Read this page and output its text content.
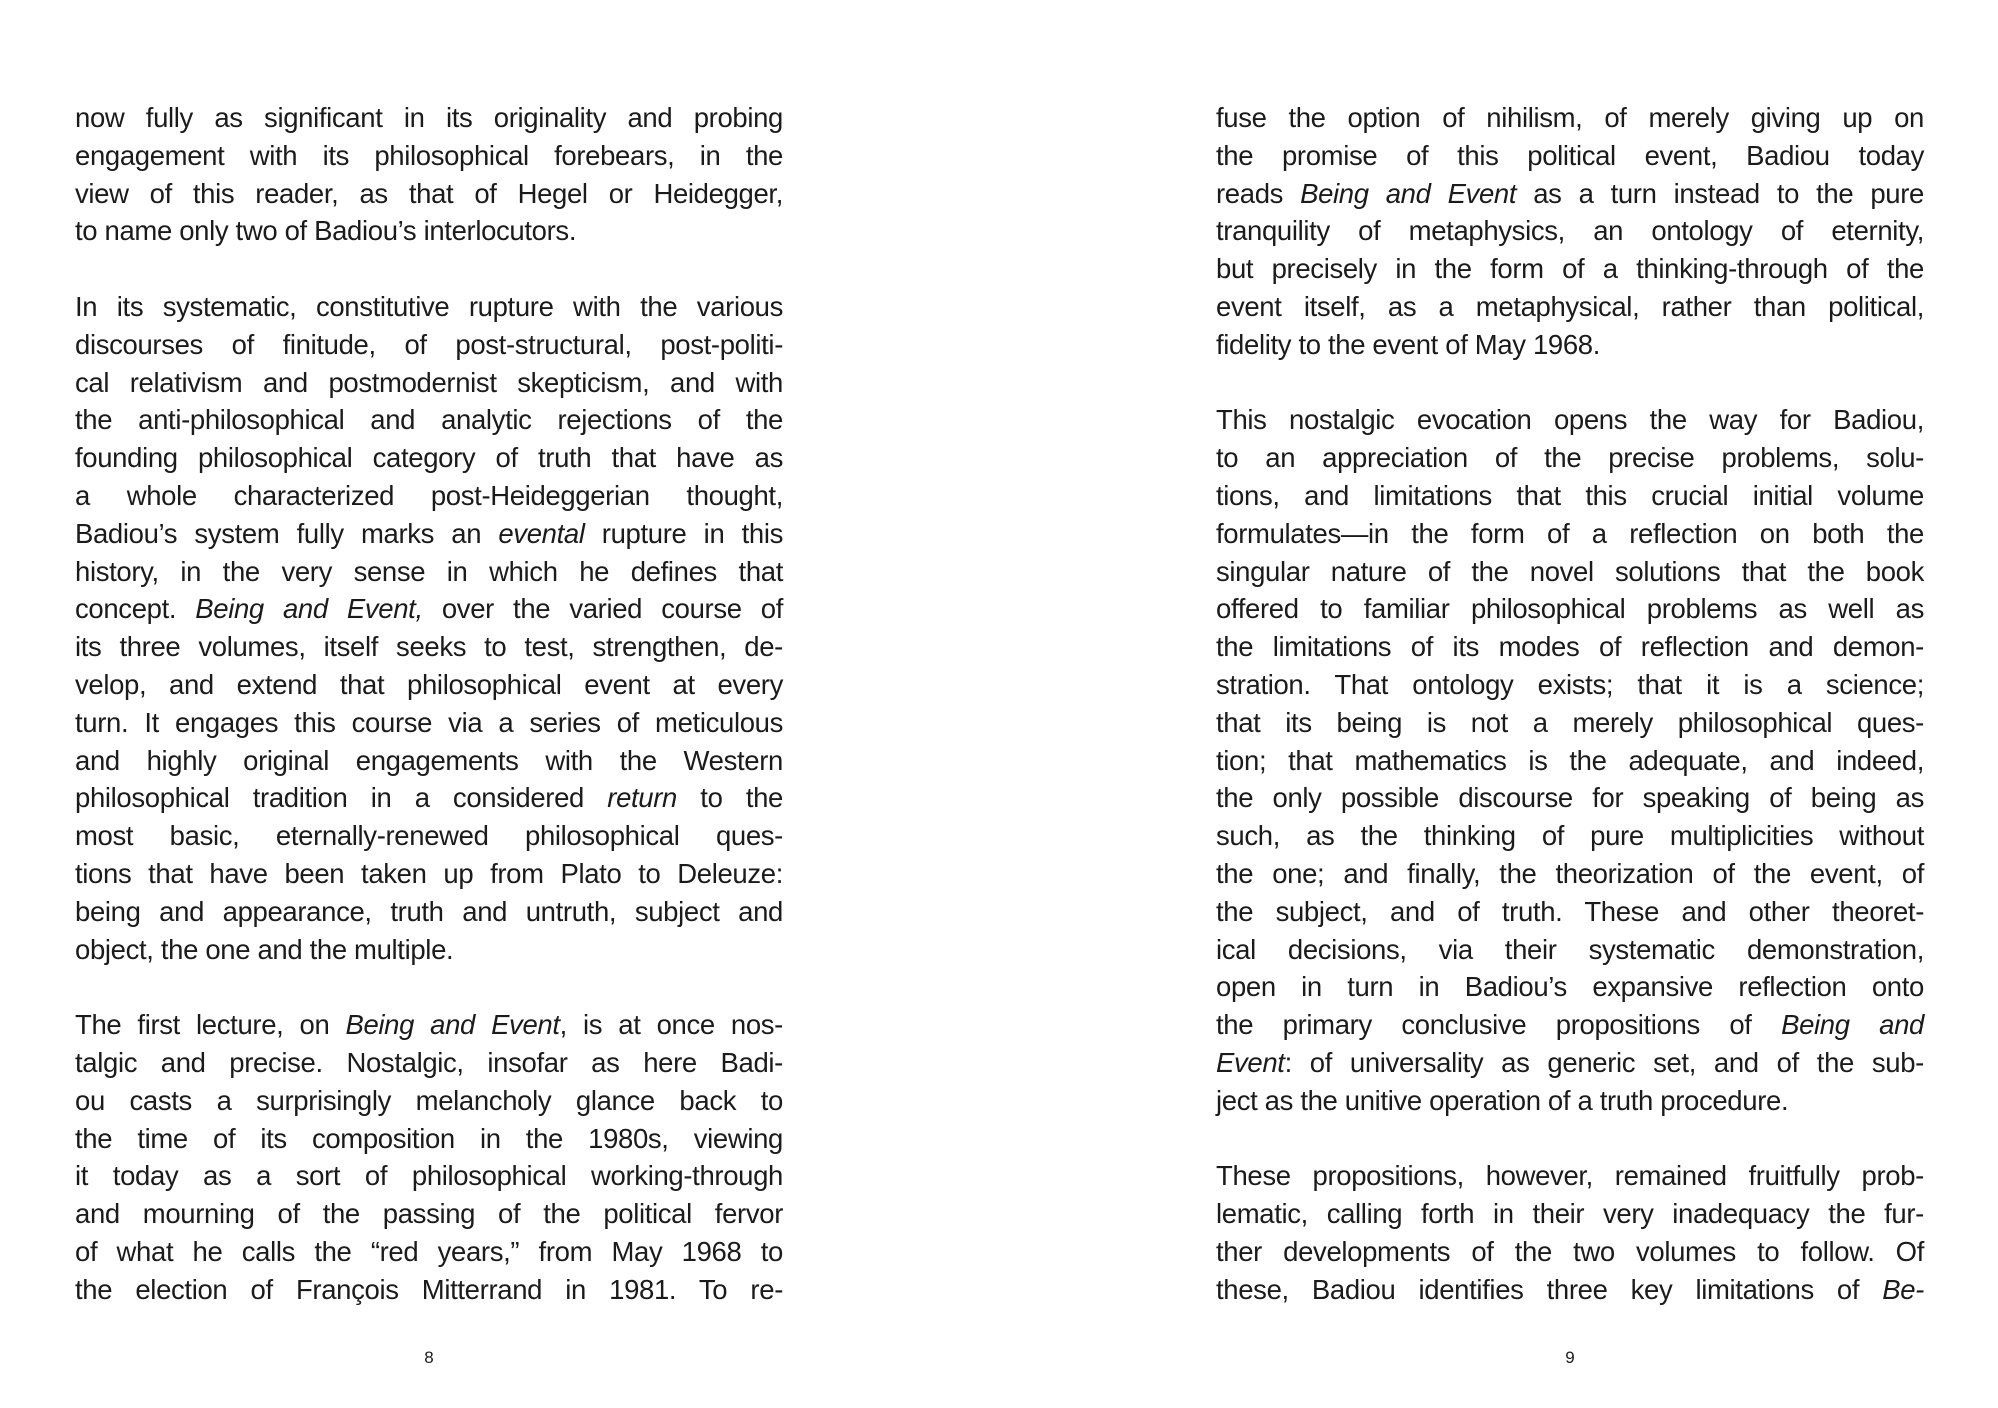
now fully as significant in its originality and probing
engagement with its philosophical forebears, in the
view of this reader, as that of Hegel or Heidegger,
to name only two of Badiou’s interlocutors.

In its systematic, constitutive rupture with the various
discourses of finitude, of post-structural, post-politi-
cal relativism and postmodernist skepticism, and with
the anti-philosophical and analytic rejections of the
founding philosophical category of truth that have as
a whole characterized post-Heideggerian thought,
Badiou’s system fully marks an evental rupture in this
history, in the very sense in which he defines that
concept. Being and Event, over the varied course of
its three volumes, itself seeks to test, strengthen, de-
velop, and extend that philosophical event at every
turn. It engages this course via a series of meticulous
and highly original engagements with the Western
philosophical tradition in a considered return to the
most basic, eternally-renewed philosophical ques-
tions that have been taken up from Plato to Deleuze:
being and appearance, truth and untruth, subject and
object, the one and the multiple.

The first lecture, on Being and Event, is at once nos-
talgic and precise. Nostalgic, insofar as here Badi-
ou casts a surprisingly melancholy glance back to
the time of its composition in the 1980s, viewing
it today as a sort of philosophical working-through
and mourning of the passing of the political fervor
of what he calls the “red years,” from May 1968 to
the election of François Mitterrand in 1981. To re-

8

fuse the option of nihilism, of merely giving up on
the promise of this political event, Badiou today
reads Being and Event as a turn instead to the pure
tranquility of metaphysics, an ontology of eternity,
but precisely in the form of a thinking-through of the
event itself, as a metaphysical, rather than political,
fidelity to the event of May 1968.

This nostalgic evocation opens the way for Badiou,
to an appreciation of the precise problems, solu-
tions, and limitations that this crucial initial volume
formulates—in the form of a reflection on both the
singular nature of the novel solutions that the book
offered to familiar philosophical problems as well as
the limitations of its modes of reflection and demon-
stration. That ontology exists; that it is a science;
that its being is not a merely philosophical ques-
tion; that mathematics is the adequate, and indeed,
the only possible discourse for speaking of being as
such, as the thinking of pure multiplicities without
the one; and finally, the theorization of the event, of
the subject, and of truth. These and other theoret-
ical decisions, via their systematic demonstration,
open in turn in Badiou’s expansive reflection onto
the primary conclusive propositions of Being and
Event: of universality as generic set, and of the sub-
ject as the unitive operation of a truth procedure.

These propositions, however, remained fruitfully prob-
lematic, calling forth in their very inadequacy the fur-
ther developments of the two volumes to follow. Of
these, Badiou identifies three key limitations of Be-

9
